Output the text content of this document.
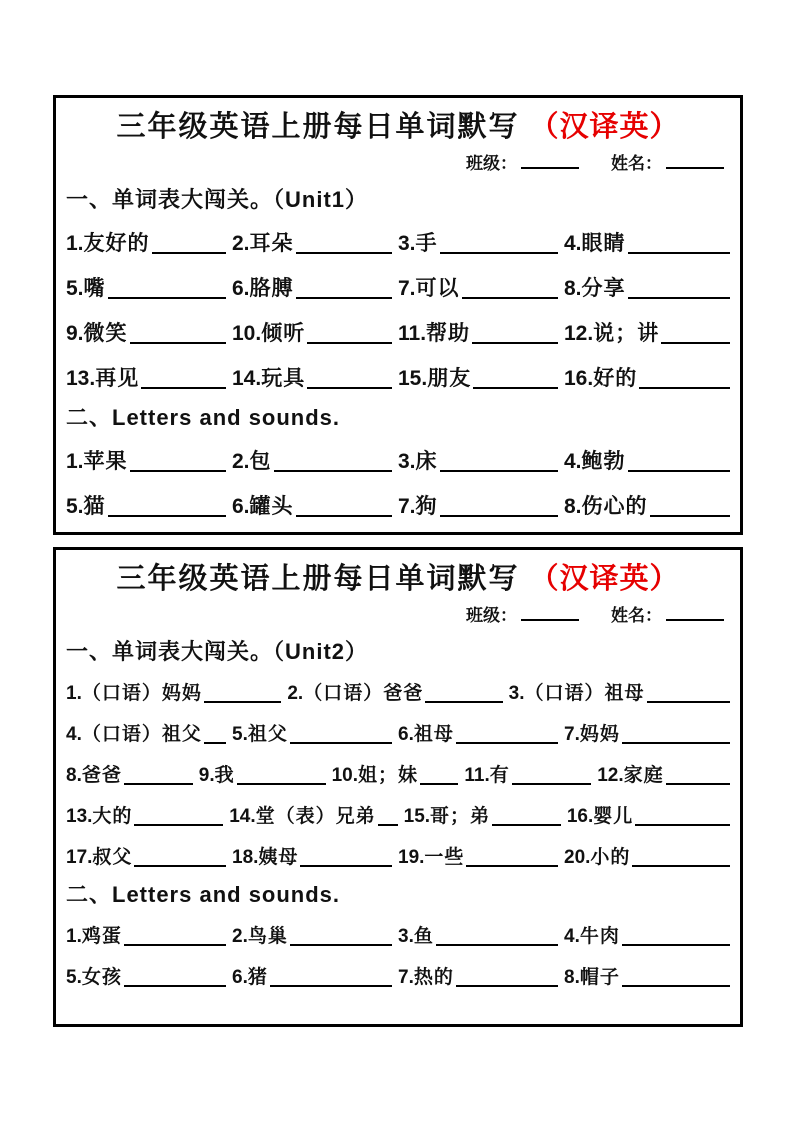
三年级英语上册每日单词默写 （汉译英）
班级：	姓名：
一、单词表大闯关。（Unit1）
1. 友好的	2. 耳朵	3. 手	4. 眼睛
5. 嘴	6. 胳膊	7. 可以	8. 分享
9. 微笑	10. 倾听	11. 帮助	12. 说；讲
13. 再见	14. 玩具	15. 朋友	16. 好的
二、Letters and sounds.
1. 苹果	2. 包	3. 床	4. 鲍勃
5. 猫	6. 罐头	7. 狗	8. 伤心的
三年级英语上册每日单词默写 （汉译英）
班级：	姓名：
一、单词表大闯关。（Unit2）
1. （口语）妈妈	2. （口语）爸爸	3. （口语）祖母
4. （口语）祖父 5. 祖父	6. 祖母	7. 妈妈
8. 爸爸	9. 我	10. 姐；妹 11. 有	12. 家庭
13. 大的	14. 堂（表）兄弟 15. 哥；弟	16. 婴儿
17. 叔父	18. 姨母	19. 一些	20. 小的
二、Letters and sounds.
1. 鸡蛋	2. 鸟巢	3. 鱼	4. 牛肉
5. 女孩	6. 猪	7. 热的	8. 帽子
